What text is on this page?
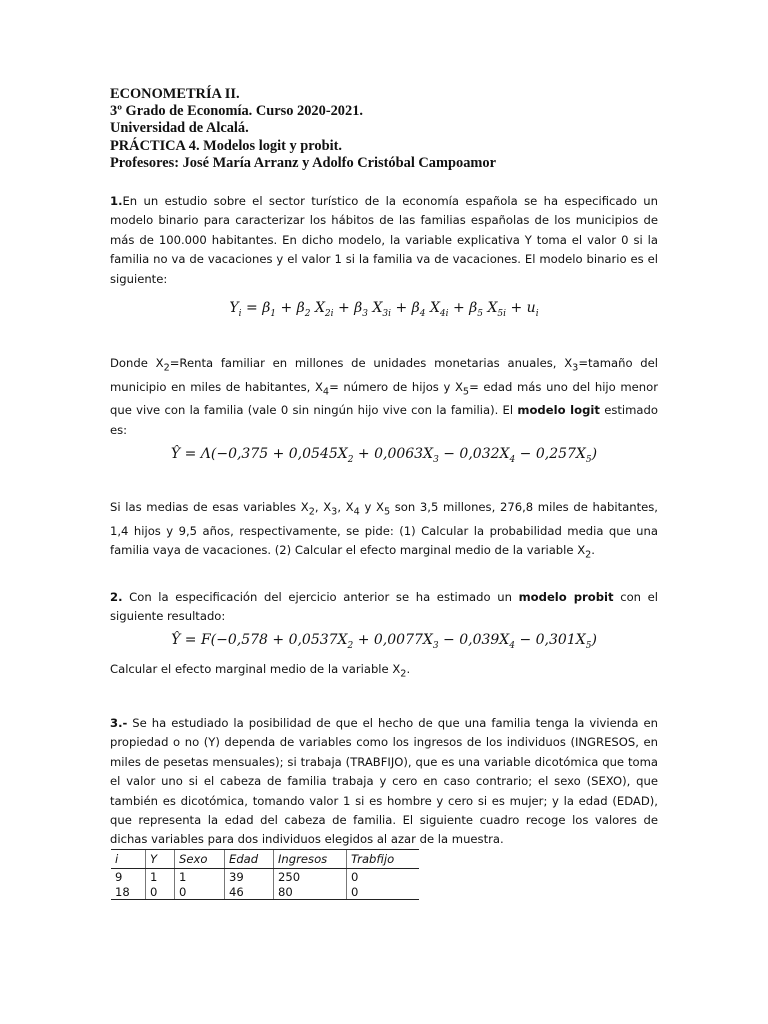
ECONOMETRÍA II.
3º Grado de Economía. Curso 2020-2021.
Universidad de Alcalá.
PRÁCTICA 4. Modelos logit y probit.
Profesores: José María Arranz y Adolfo Cristóbal Campoamor

1.En un estudio sobre el sector turístico de la economía española se ha especificado un modelo binario para caracterizar los hábitos de las familias españolas de los municipios de más de 100.000 habitantes. En dicho modelo, la variable explicativa Y toma el valor 0 si la familia no va de vacaciones y el valor 1 si la familia va de vacaciones. El modelo binario es el siguiente:

$Y_i = \beta_1 + \beta_2$ $X_{2i} + \beta_3$ $X_{3i} + \beta_4$ $X_{4i} + \beta_5$ $X_{5i} + u_i$

Donde $X_2=Renta$ familiar en millones de unidades monetarias anuales, $X_3=tamaño$ del municipio en miles de habitantes, $X_4=$ número de hijos y $X_5=$ edad más uno del hijo menor que vive con la familia (vale 0 sin ningún hijo vive con la familia). El modelo logit estimado es:

Ŷ = $\Lambda(-0,375 + 0,0545X_2 + 0,0063X_3 - 0,032X_4 - 0,257X_5)$

Si las medias de esas variables $X_2$, $X_3$, $X_4$ y $X_5$ son 3,5 millones, 276,8 miles de habitantes, 1,4 hijos y 9,5 años, respectivamente, se pide: (1) Calcular la probabilidad media que una familia vaya de vacaciones. (2) Calcular el efecto marginal medio de la variable $X_2$.

2. Con la especificación del ejercicio anterior se ha estimado un modelo probit con el siguiente resultado:

Ŷ = $F(-0,578 + 0,0537X_2 + 0,0077X_3 - 0,039X_4 - 0,301X_5)$

Calcular el efecto marginal medio de la variable $X_2$.

3.- Se ha estudiado la posibilidad de que el hecho de que una familia tenga la vivienda en propiedad o no (Y) dependa de variables como los ingresos de los individuos (INGRESOS, en miles de pesetas mensuales); si trabaja (TRABFIJO), que es una variable dicotómica que toma el valor uno si el cabeza de familia trabaja y cero en caso contrario; el sexo (SEXO), que también es dicotómica, tomando valor 1 si es hombre y cero si es mujer; y la edad (EDAD), que representa la edad del cabeza de familia. El siguiente cuadro recoge los valores de dichas variables para dos individuos elegidos al azar de la muestra.

i	Y	Sexo	Edad	Ingresos	Trabfijo
9	1	1	39	250	0
18	0	0	46	80	0
